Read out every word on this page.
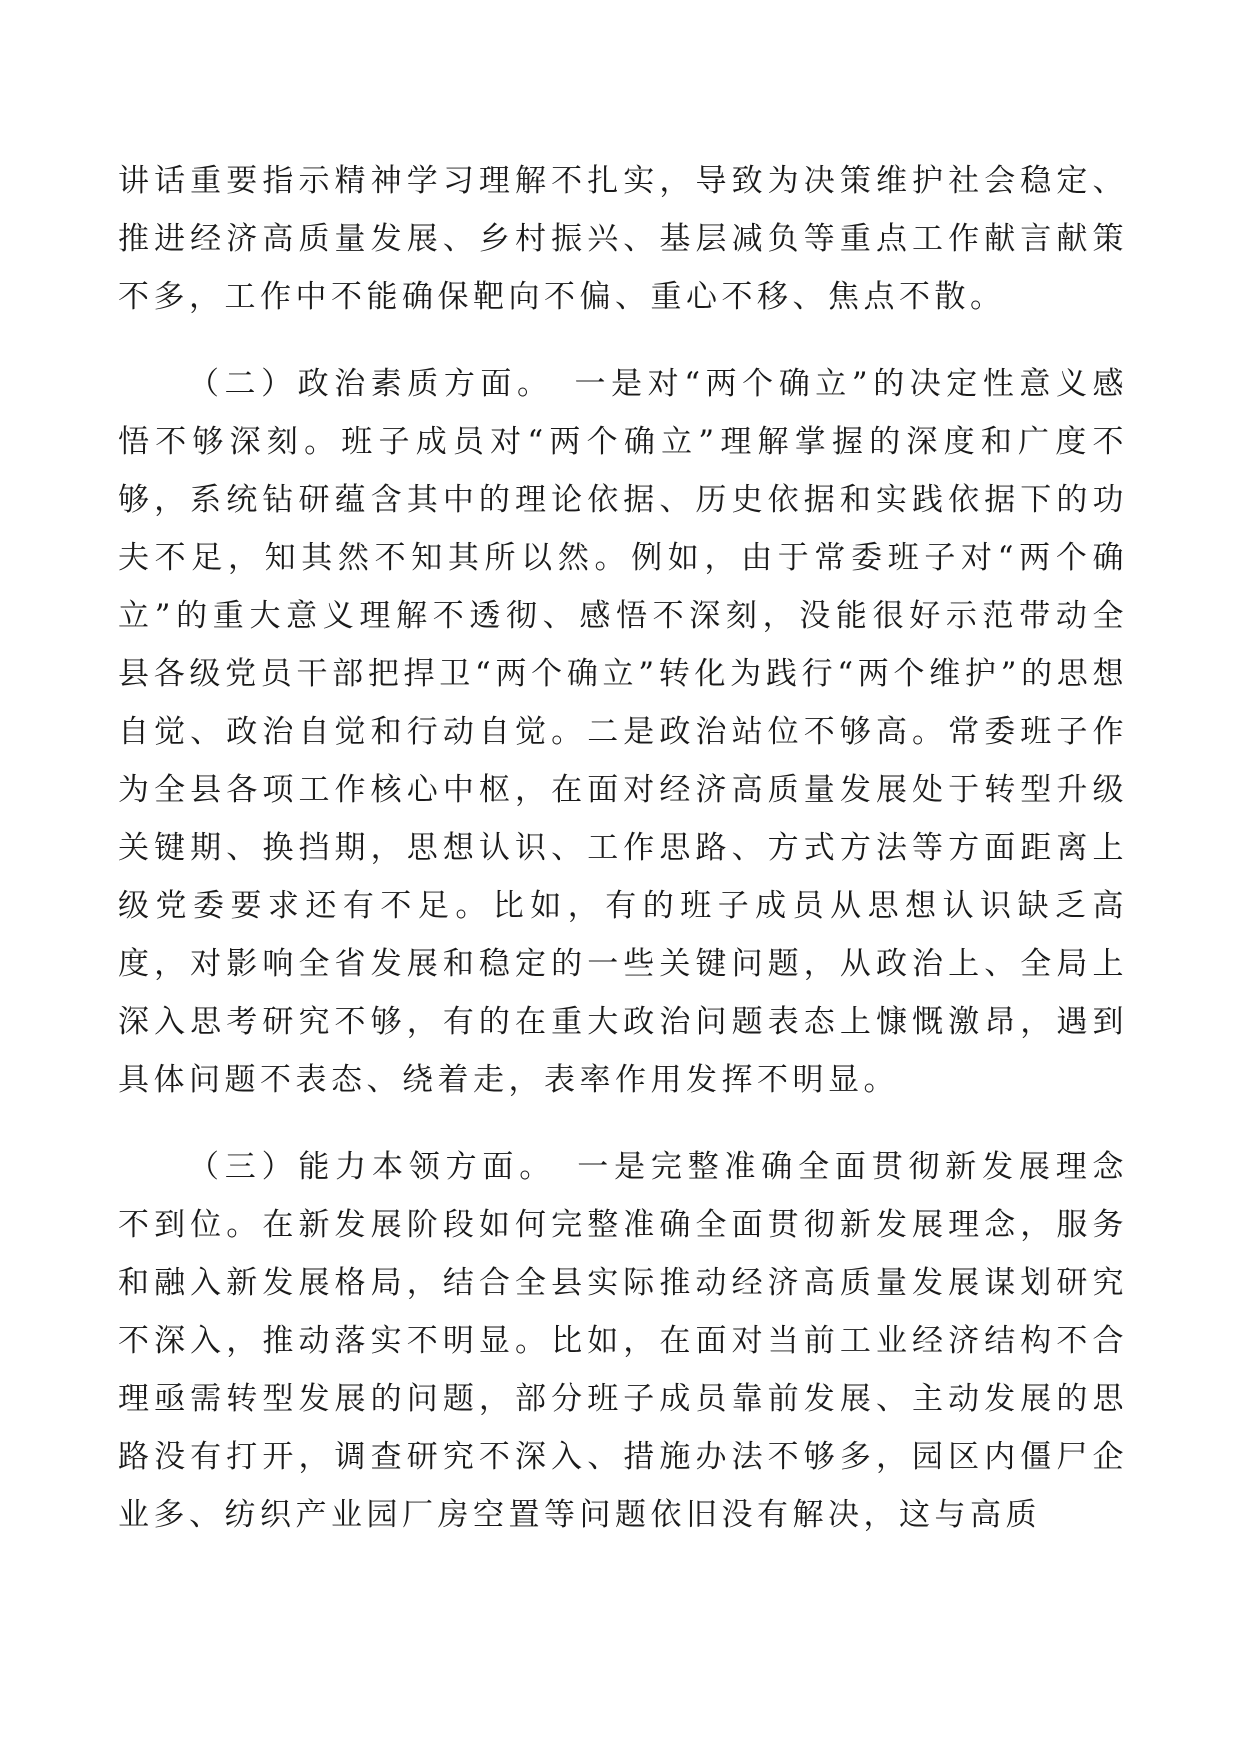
讲话重要指示精神学习理解不扎实，导致为决策维护社会稳定、推进经济高质量发展、乡村振兴、基层减负等重点工作献言献策不多，工作中不能确保靶向不偏、重心不移、焦点不散。

（二）政治素质方面。　一是对“两个确立”的决定性意义感悟不够深刻。班子成员对“两个确立”理解掌握的深度和广度不够，系统钻研蕴含其中的理论依据、历史依据和实践依据下的功夫不足，知其然不知其所以然。例如，由于常委班子对“两个确立”的重大意义理解不透彻、感悟不深刻，没能很好示范带动全县各级党员干部把捍卫“两个确立”转化为践行“两个维护”的思想自觉、政治自觉和行动自觉。二是政治站位不够高。常委班子作为全县各项工作核心中枢，在面对经济高质量发展处于转型升级关键期、换挡期，思想认识、工作思路、方式方法等方面距离上级党委要求还有不足。比如，有的班子成员从思想认识缺乏高度，对影响全省发展和稳定的一些关键问题，从政治上、全局上深入思考研究不够，有的在重大政治问题表态上慷慨激昂，遇到具体问题不表态、绕着走，表率作用发挥不明显。

（三）能力本领方面。　一是完整准确全面贯彻新发展理念不到位。在新发展阶段如何完整准确全面贯彻新发展理念，服务和融入新发展格局，结合全县实际推动经济高质量发展谋划研究不深入，推动落实不明显。比如，在面对当前工业经济结构不合理亟需转型发展的问题，部分班子成员靠前发展、主动发展的思路没有打开，调查研究不深入、措施办法不够多，园区内僵尸企业多、纺织产业园厂房空置等问题依旧没有解决，这与高质
